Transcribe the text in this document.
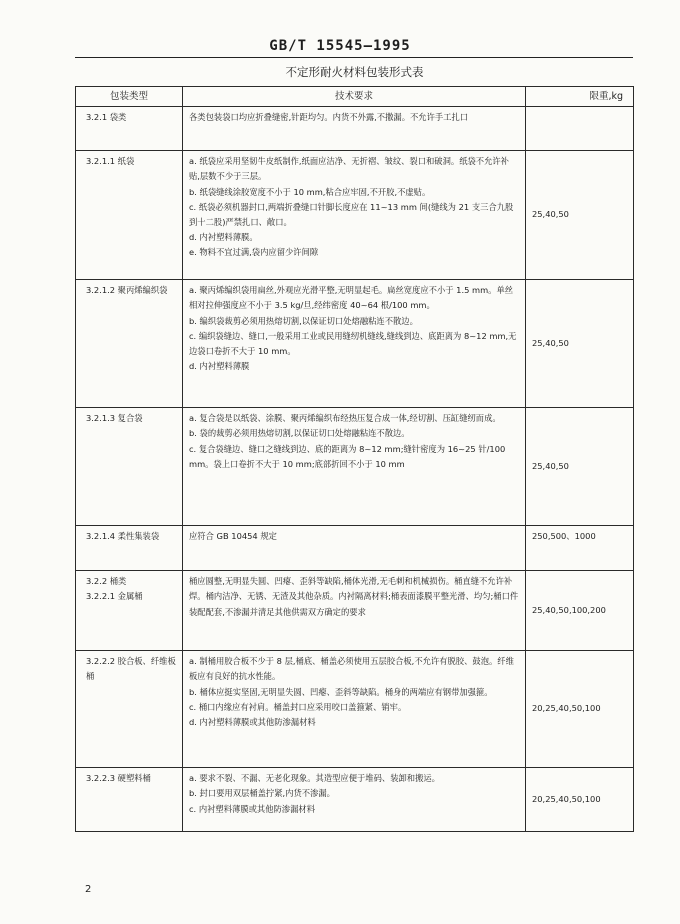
GB/T 15545—1995
不定形耐火材料包装形式表		
包装类型	技术要求	限重,kg

3.2.1 袋类	各类包装袋口均应折叠缝密,针距均匀。内货不外露,不撒漏。不允许手工扎口	

3.2.1.1 纸袋	a. 纸袋应采用坚韧牛皮纸制作,纸面应洁净、无折褶、皱纹、裂口和破洞。纸袋不允许补贴,层数不少于三层。
b. 纸袋缝线涂胶宽度不小于 10 mm,粘合应牢固,不开胶,不虚贴。
c. 纸袋必须机器封口,两端折叠缝口针脚长度应在 11~13 mm 间(缝线为 21 支三合九股到十二股)严禁扎口、敞口。
d. 内衬塑料薄膜。
e. 物料不宜过满,袋内应留少许间隙	25,40,50

3.2.1.2 聚丙烯编织袋	a. 聚丙烯编织袋用扁丝,外观应光滑平整,无明显起毛。扁丝宽度应不小于 1.5 mm。单丝相对拉伸强度应不小于 3.5 kg/旦,经纬密度 40~64 根/100 mm。
b. 编织袋裁剪必须用热熔切割,以保证切口处熔融粘连不散边。
c. 编织袋缝边、缝口,一般采用工业或民用缝纫机缝线,缝线到边、底距离为 8~12 mm,无边袋口卷折不大于 10 mm。
d. 内衬塑料薄膜	25,40,50

3.2.1.3 复合袋	a. 复合袋是以纸袋、涂膜、聚丙烯编织布经热压复合成一体,经切割、压缸缝纫而成。
b. 袋的裁剪必须用热熔切割,以保证切口处熔融粘连不散边。
c. 复合袋缝边、缝口之缝线到边、底的距离为 8~12 mm;缝针密度为 16~25 针/100 mm。袋上口卷折不大于 10 mm;底部折回不小于 10 mm	25,40,50

3.2.1.4 柔性集装袋	应符合 GB 10454 规定	250,500、1000

3.2.2 桶类
3.2.2.1 金属桶	桶应圆整,无明显失圆、凹瘪、歪斜等缺陷,桶体光滑,无毛刺和机械损伤。桶直缝不允许补焊。桶内洁净、无锈、无渣及其他杂质。内衬隔离材料;桶表面漆膜平整光滑、均匀;桶口件装配配套,不渗漏并清足其他供需双方确定的要求	25,40,50,100,200

3.2.2.2 胶合板、纤维板桶	a. 制桶用胶合板不少于 8 层,桶底、桶盖必须使用五层胶合板,不允许有脱胶、鼓泡。纤维板应有良好的抗水性能。
b. 桶体应挺实坚固,无明显失圆、凹瘪、歪斜等缺陷。桶身的两端应有钢带加强箍。
c. 桶口内缘应有衬肩。桶盖封口应采用咬口盖箍紧、销牢。
d. 内衬塑料薄膜或其他防渗漏材料	20,25,40,50,100

3.2.2.3 硬塑料桶	a. 要求不裂、不漏、无老化现象。其造型应便于堆码、装卸和搬运。
b. 封口要用双层桶盖拧紧,内货不渗漏。
c. 内衬塑料薄膜或其他防渗漏材料	20,25,40,50,100
2
